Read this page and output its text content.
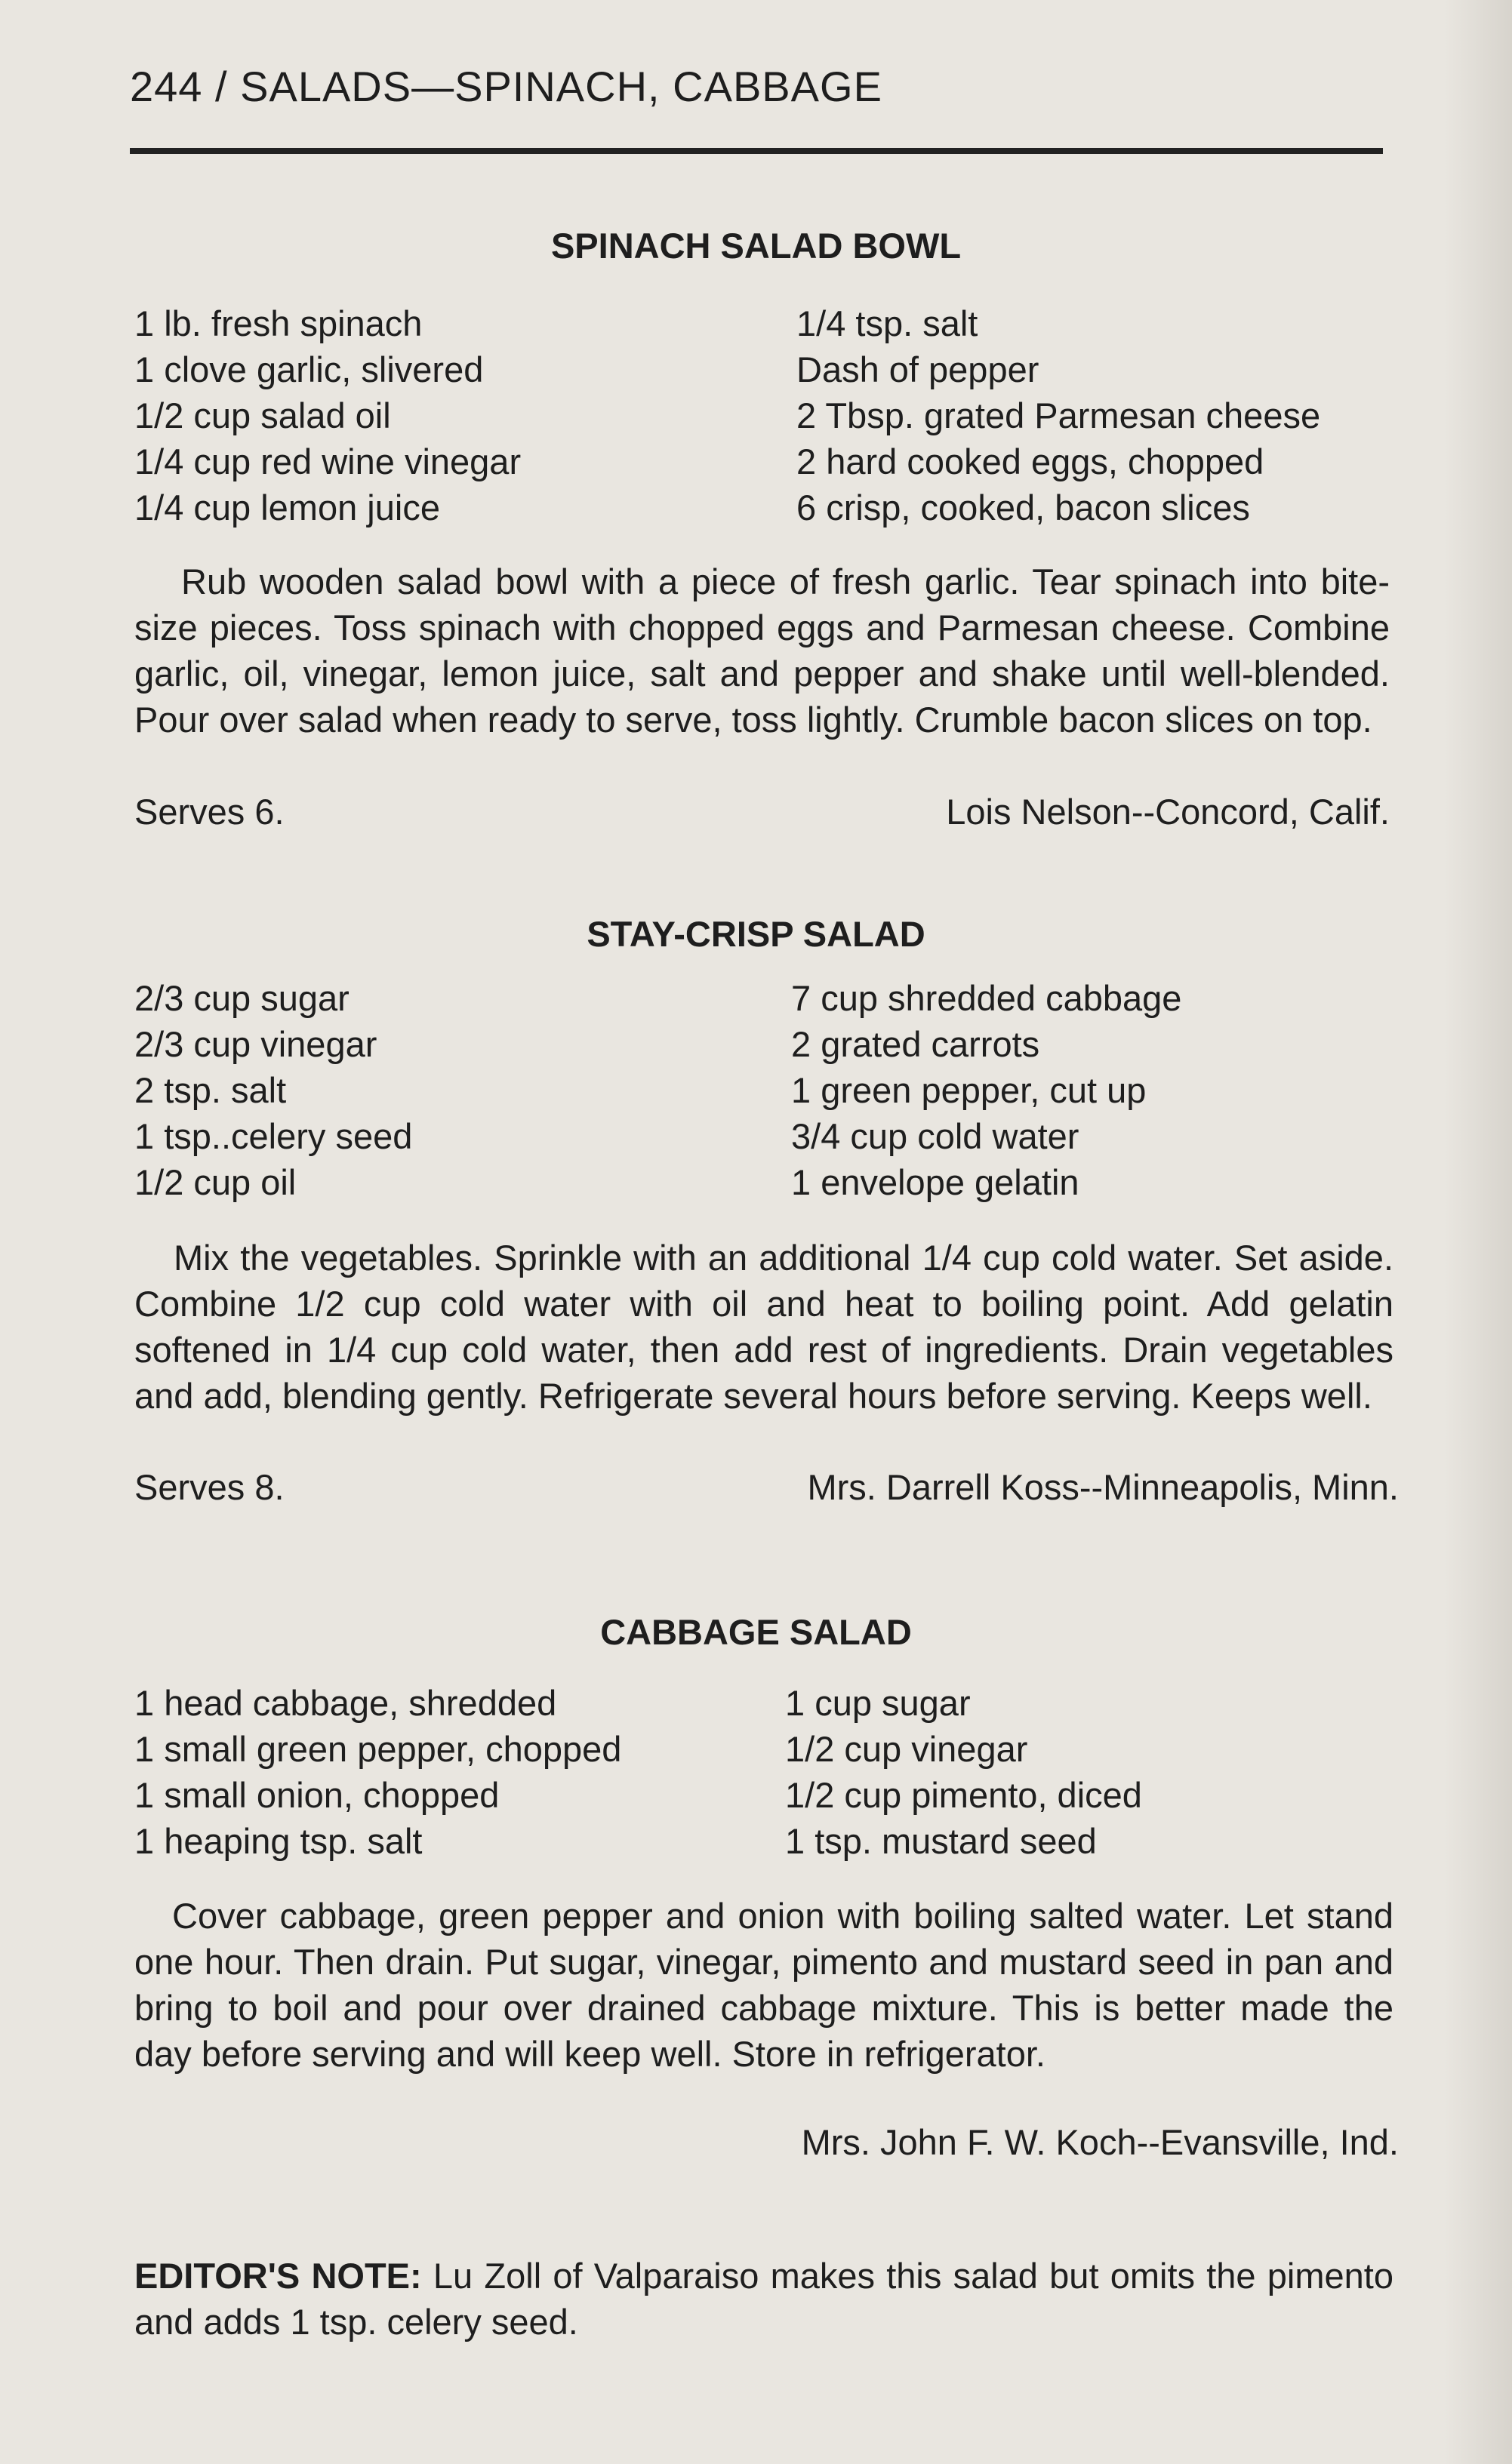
244 / SALADS—SPINACH, CABBAGE
SPINACH SALAD BOWL
1 lb. fresh spinach
1 clove garlic, slivered
1/2 cup salad oil
1/4 cup red wine vinegar
1/4 cup lemon juice
1/4 tsp. salt
Dash of pepper
2 Tbsp. grated Parmesan cheese
2 hard cooked eggs, chopped
6 crisp, cooked, bacon slices

Rub wooden salad bowl with a piece of fresh garlic. Tear spinach into bite-size pieces. Toss spinach with chopped eggs and Parmesan cheese. Combine garlic, oil, vinegar, lemon juice, salt and pepper and shake until well-blended. Pour over salad when ready to serve, toss lightly. Crumble bacon slices on top.

Serves 6.	Lois Nelson--Concord, Calif.
STAY-CRISP SALAD
2/3 cup sugar
2/3 cup vinegar
2 tsp. salt
1 tsp..celery seed
1/2 cup oil
7 cup shredded cabbage
2 grated carrots
1 green pepper, cut up
3/4 cup cold water
1 envelope gelatin

Mix the vegetables. Sprinkle with an additional 1/4 cup cold water. Set aside. Combine 1/2 cup cold water with oil and heat to boiling point. Add gelatin softened in 1/4 cup cold water, then add rest of ingredients. Drain vegetables and add, blending gently. Refrigerate several hours before serving. Keeps well.

Serves 8.	Mrs. Darrell Koss--Minneapolis, Minn.
CABBAGE SALAD
1 head cabbage, shredded
1 small green pepper, chopped
1 small onion, chopped
1 heaping tsp. salt
1 cup sugar
1/2 cup vinegar
1/2 cup pimento, diced
1 tsp. mustard seed

Cover cabbage, green pepper and onion with boiling salted water. Let stand one hour. Then drain. Put sugar, vinegar, pimento and mustard seed in pan and bring to boil and pour over drained cabbage mixture. This is better made the day before serving and will keep well. Store in refrigerator.

Mrs. John F. W. Koch--Evansville, Ind.

EDITOR'S NOTE: Lu Zoll of Valparaiso makes this salad but omits the pimento and adds 1 tsp. celery seed.
